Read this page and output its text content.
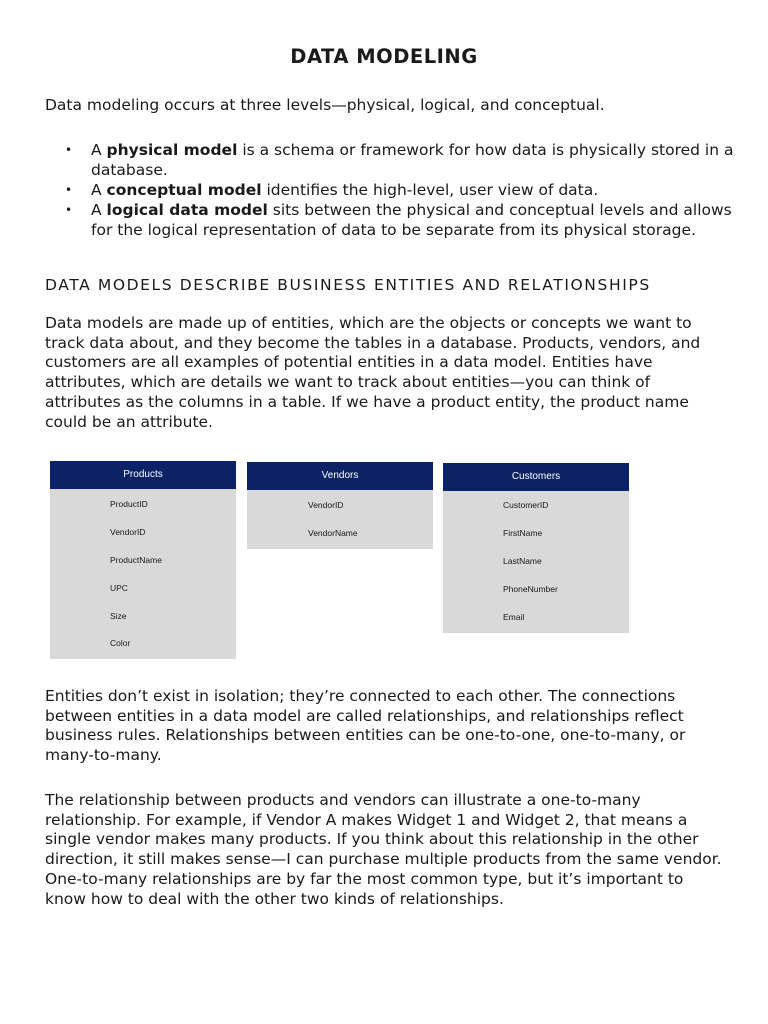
DATA MODELING

Data modeling occurs at three levels—physical, logical, and conceptual.

• A physical model is a schema or framework for how data is physically stored in a database.
• A conceptual model identifies the high-level, user view of data.
• A logical data model sits between the physical and conceptual levels and allows for the logical representation of data to be separate from its physical storage.
DATA MODELS DESCRIBE BUSINESS ENTITIES AND RELATIONSHIPS

Data models are made up of entities, which are the objects or concepts we want to track data about, and they become the tables in a database. Products, vendors, and customers are all examples of potential entities in a data model. Entities have attributes, which are details we want to track about entities—you can think of attributes as the columns in a table. If we have a product entity, the product name could be an attribute.

Products
ProductID
VendorID
ProductName
UPC
Size
Color
Vendors
VendorID
VendorName
Customers
CustomerID
FirstName
LastName
PhoneNumber
Email

Entities don’t exist in isolation; they’re connected to each other. The connections between entities in a data model are called relationships, and relationships reflect business rules. Relationships between entities can be one-to-one, one-to-many, or many-to-many.

The relationship between products and vendors can illustrate a one-to-many relationship. For example, if Vendor A makes Widget 1 and Widget 2, that means a single vendor makes many products. If you think about this relationship in the other direction, it still makes sense—I can purchase multiple products from the same vendor. One-to-many relationships are by far the most common type, but it’s important to know how to deal with the other two kinds of relationships.
